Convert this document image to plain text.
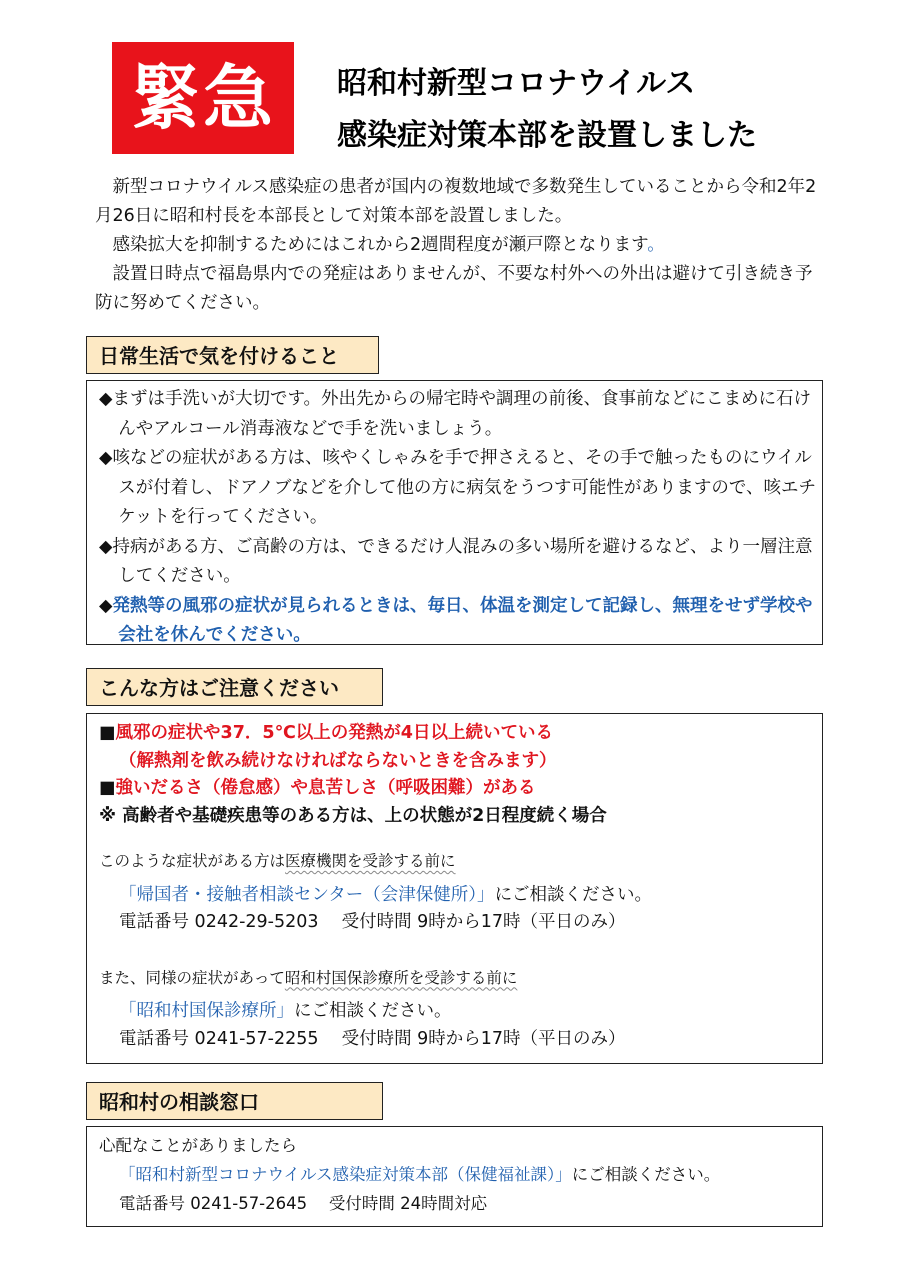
緊急	昭和村新型コロナウイルス
感染症対策本部を設置しました

新型コロナウイルス感染症の患者が国内の複数地域で多数発生していることから令和2年2月26日に昭和村長を本部長として対策本部を設置しました。

感染拡大を抑制するためにはこれから2週間程度が瀬戸際となります。

設置日時点で福島県内での発症はありませんが、不要な村外への外出は避けて引き続き予防に努めてください。

日常生活で気を付けること

◆まずは手洗いが大切です。外出先からの帰宅時や調理の前後、食事前などにこまめに石けんやアルコール消毒液などで手を洗いましょう。

◆咳などの症状がある方は、咳やくしゃみを手で押さえると、その手で触ったものにウイルスが付着し、ドアノブなどを介して他の方に病気をうつす可能性がありますので、咳エチケットを行ってください。

◆持病がある方、ご高齢の方は、できるだけ人混みの多い場所を避けるなど、より一層注意してください。

◆発熱等の風邪の症状が見られるときは、毎日、体温を測定して記録し、無理をせず学校や会社を休んでください。

こんな方はご注意ください

■風邪の症状や37．5℃以上の発熱が4日以上続いている

（解熱剤を飲み続けなければならないときを含みます）

■強いだるさ（倦怠感）や息苦しさ（呼吸困難）がある

※ 高齢者や基礎疾患等のある方は、上の状態が2日程度続く場合

このような症状がある方は医療機関を受診する前に

「帰国者・接触者相談センター（会津保健所）」にご相談ください。

電話番号 0242-29-5203　 受付時間 9時から17時（平日のみ）

また、同様の症状があって昭和村国保診療所を受診する前に

「昭和村国保診療所」にご相談ください。

電話番号 0241-57-2255　 受付時間 9時から17時（平日のみ）

昭和村の相談窓口

心配なことがありましたら

「昭和村新型コロナウイルス感染症対策本部（保健福祉課）」にご相談ください。

電話番号 0241-57-2645　 受付時間 24時間対応
